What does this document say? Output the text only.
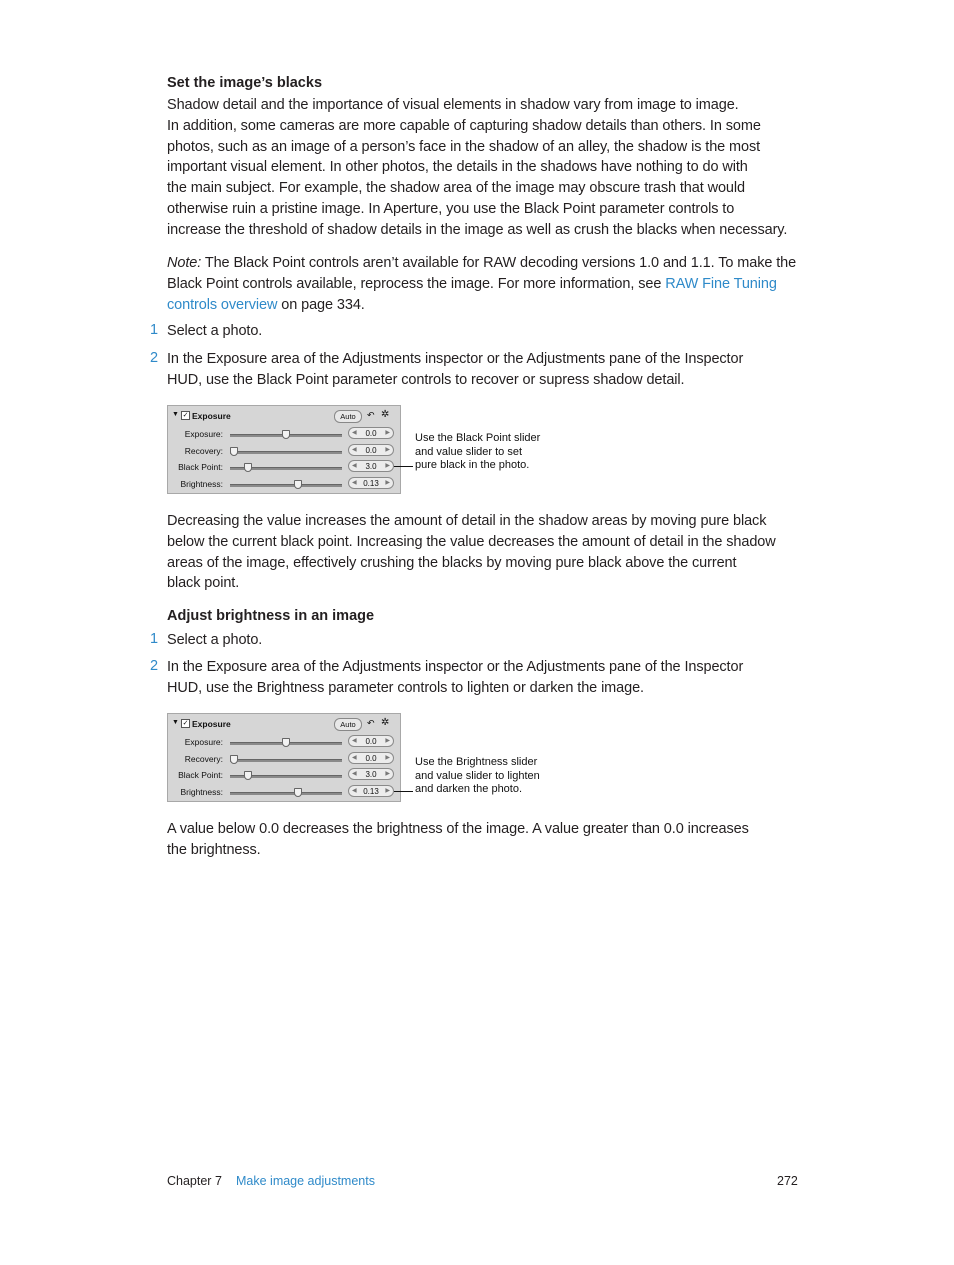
Set the image’s blacks
Shadow detail and the importance of visual elements in shadow vary from image to image.
In addition, some cameras are more capable of capturing shadow details than others. In some
photos, such as an image of a person’s face in the shadow of an alley, the shadow is the most
important visual element. In other photos, the details in the shadows have nothing to do with
the main subject. For example, the shadow area of the image may obscure trash that would
otherwise ruin a pristine image. In Aperture, you use the Black Point parameter controls to
increase the threshold of shadow details in the image as well as crush the blacks when necessary.
Note: The Black Point controls aren’t available for RAW decoding versions 1.0 and 1.1. To make the
Black Point controls available, reprocess the image. For more information, see RAW Fine Tuning
controls overview on page 334.
1 Select a photo.
2 In the Exposure area of the Adjustments inspector or the Adjustments pane of the Inspector
HUD, use the Black Point parameter controls to recover or supress shadow detail.
▼ ✓ Exposure	Auto	↶ ✲
Exposure:	◀	0.0	▶
Recovery:	◀	0.0	▶
Black Point:	◀	3.0	▶
Brightness:	◀ 0.13	▶
Use the Black Point slider
and value slider to set
pure black in the photo.
Decreasing the value increases the amount of detail in the shadow areas by moving pure black
below the current black point. Increasing the value decreases the amount of detail in the shadow
areas of the image, effectively crushing the blacks by moving pure black above the current
black point.
Adjust brightness in an image
1 Select a photo.
2 In the Exposure area of the Adjustments inspector or the Adjustments pane of the Inspector
HUD, use the Brightness parameter controls to lighten or darken the image.
▼ ✓ Exposure	Auto	↶ ✲
Exposure:	◀	0.0	▶
Recovery:	◀	0.0	▶
Black Point:	◀	3.0	▶
Brightness:	◀ 0.13	▶
Use the Brightness slider
and value slider to lighten
and darken the photo.
A value below 0.0 decreases the brightness of the image. A value greater than 0.0 increases
the brightness.
Chapter 7 Make image adjustments	272
